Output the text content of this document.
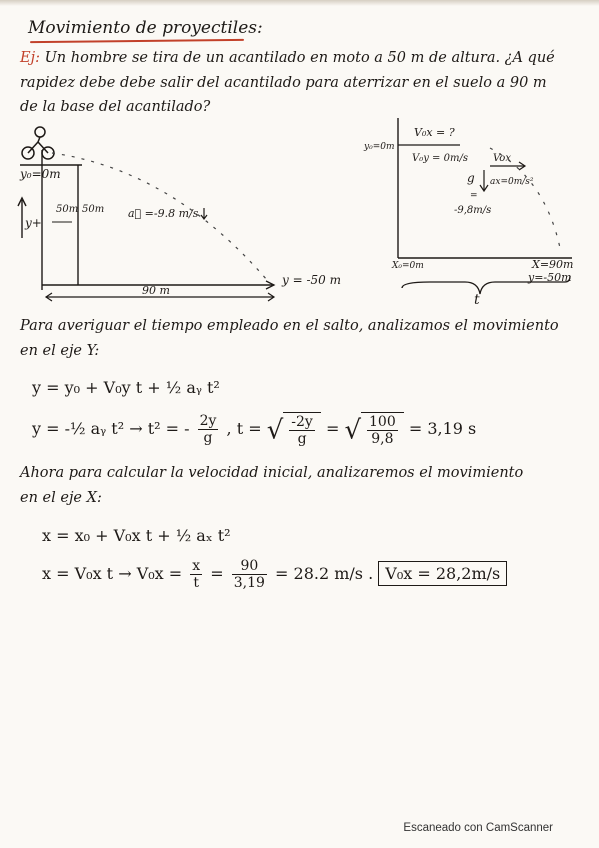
Movimiento de proyectiles:
Ej: Un hombre se tira de un acantilado en moto a 50 m de altura. ¿A qué
rapidez debe debe salir del acantilado para aterrizar en el suelo a 90 m
de la base del acantilado?
y₀=0m
y+
50m 50m a⃗ =-9.8 m/s
y = -50 m
90 m
V₀x = ?
y₀=0m
V₀y = 0m/s	Vox
g ax=0m/s²
=
-9,8m/s
X₀=0m	X=90m
y=-50m
t
Para averiguar el tiempo empleado en el salto, analizamos el movimiento
en el eje Y:
y = y₀ + V₀y t + ½ aᵧ t²
y = -½ aᵧ t² → t² = - $\frac{2y}{g}$ , t = √ $\frac{-2y}{g}$ = √ $\frac{100}{9,8} = 3,19$ s
Ahora para calcular la velocidad inicial, analizaremos el movimiento
en el eje X:
x = x₀ + V₀x t + ½ aₓ t²
x = V₀x $t \to V_0x = \frac{x}{t} = \frac{90}{3,19} = 28.2$ m/s . V₀x = 28,2m/s
Escaneado con CamScanner
